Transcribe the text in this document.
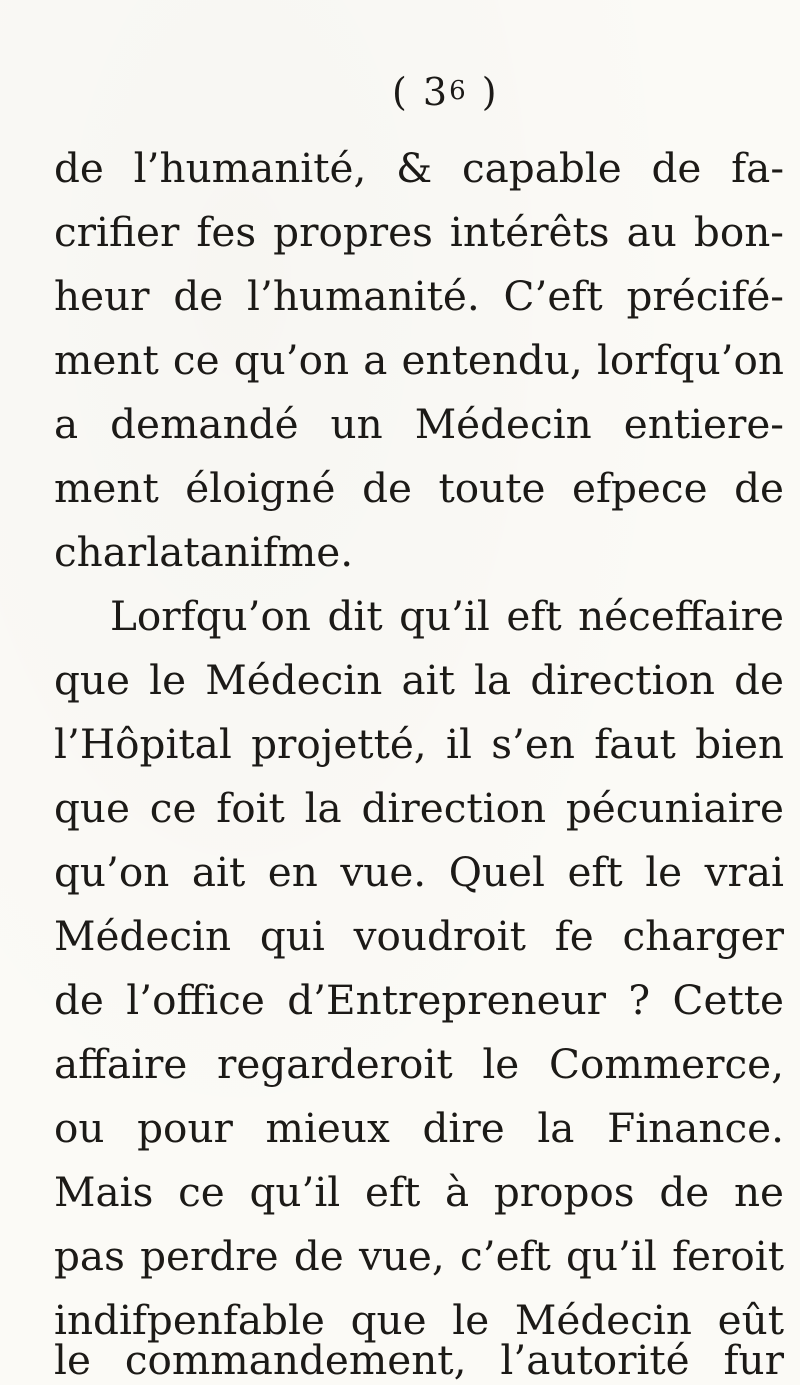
( 36 )
de l’humanité, & capable de fa-
crifier fes propres intérêts au bon-
heur de l’humanité. C’eft précifé-
ment ce qu’on a entendu, lorfqu’on
a demandé un Médecin entiere-
ment éloigné de toute efpece de
charlatanifme.
Lorfqu’on dit qu’il eft néceffaire
que le Médecin ait la direction de
l’Hôpital projetté, il s’en faut bien
que ce foit la direction pécuniaire
qu’on ait en vue. Quel eft le vrai
Médecin qui voudroit fe charger
de l’office d’Entrepreneur ? Cette
affaire regarderoit le Commerce,
ou pour mieux dire la Finance.
Mais ce qu’il eft à propos de ne
pas perdre de vue, c’eft qu’il feroit
indifpenfable que le Médecin eût
le commandement, l’autorité fur
